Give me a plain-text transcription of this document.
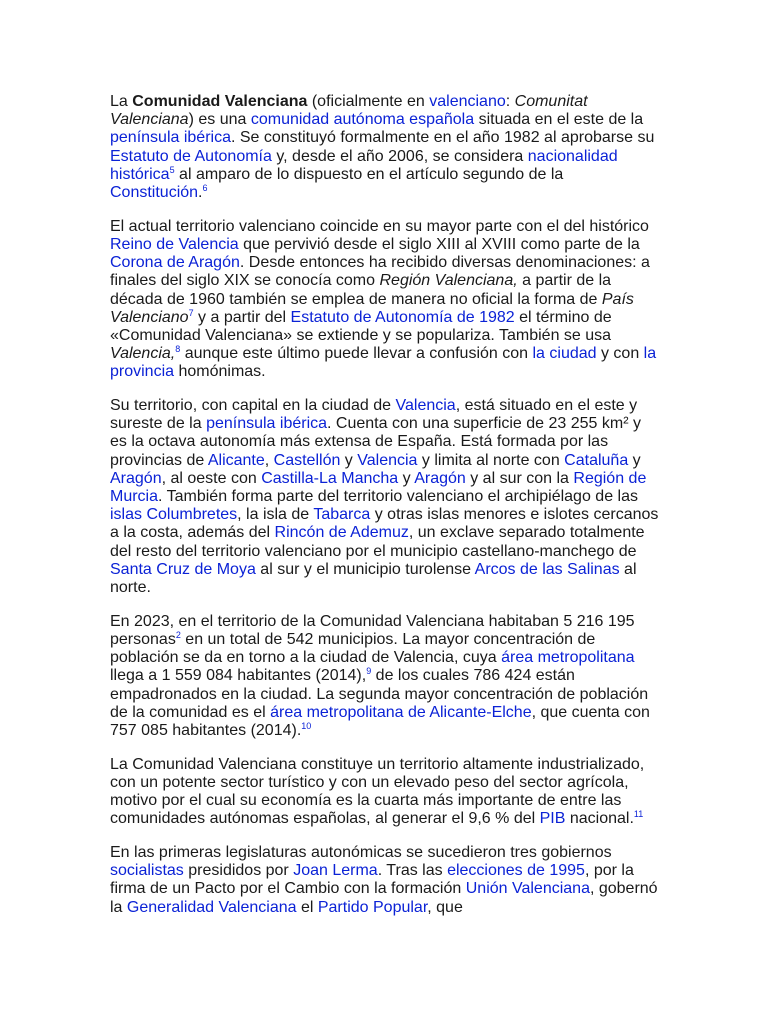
La Comunidad Valenciana (oficialmente en valenciano: Comunitat Valenciana) es una comunidad autónoma española situada en el este de la península ibérica. Se constituyó formalmente en el año 1982 al aprobarse su Estatuto de Autonomía y, desde el año 2006, se considera nacionalidad histórica$^5$ al amparo de lo dispuesto en el artículo segundo de la Constitución.$^6$

El actual territorio valenciano coincide en su mayor parte con el del histórico Reino de Valencia que pervivió desde el siglo XIII al XVIII como parte de la Corona de Aragón. Desde entonces ha recibido diversas denominaciones: a finales del siglo XIX se conocía como Región Valenciana, a partir de la década de 1960 también se emplea de manera no oficial la forma de País Valenciano$^7$ y a partir del Estatuto de Autonomía de 1982 el término de «Comunidad Valenciana» se extiende y se populariza. También se usa Valencia,$^8$ aunque este último puede llevar a confusión con la ciudad y con la provincia homónimas.

Su territorio, con capital en la ciudad de Valencia, está situado en el este y sureste de la península ibérica. Cuenta con una superficie de 23 255 km² y es la octava autonomía más extensa de España. Está formada por las provincias de Alicante, Castellón y Valencia y limita al norte con Cataluña y Aragón, al oeste con Castilla-La Mancha y Aragón y al sur con la Región de Murcia. También forma parte del territorio valenciano el archipiélago de las islas Columbretes, la isla de Tabarca y otras islas menores e islotes cercanos a la costa, además del Rincón de Ademuz, un exclave separado totalmente del resto del territorio valenciano por el municipio castellano-manchego de Santa Cruz de Moya al sur y el municipio turolense Arcos de las Salinas al norte.

En 2023, en el territorio de la Comunidad Valenciana habitaban 5 216 195 personas$^2$ en un total de 542 municipios. La mayor concentración de población se da en torno a la ciudad de Valencia, cuya área metropolitana llega a 1 559 084 habitantes (2014),$^9$ de los cuales 786 424 están empadronados en la ciudad. La segunda mayor concentración de población de la comunidad es el área metropolitana de Alicante-Elche, que cuenta con 757 085 habitantes (2014).$^{10}$

La Comunidad Valenciana constituye un territorio altamente industrializado, con un potente sector turístico y con un elevado peso del sector agrícola, motivo por el cual su economía es la cuarta más importante de entre las comunidades autónomas españolas, al generar el 9,6 % del PIB nacional.$^{11}$

En las primeras legislaturas autonómicas se sucedieron tres gobiernos socialistas presididos por Joan Lerma. Tras las elecciones de 1995, por la firma de un Pacto por el Cambio con la formación Unión Valenciana, gobernó la Generalidad Valenciana el Partido Popular, que
